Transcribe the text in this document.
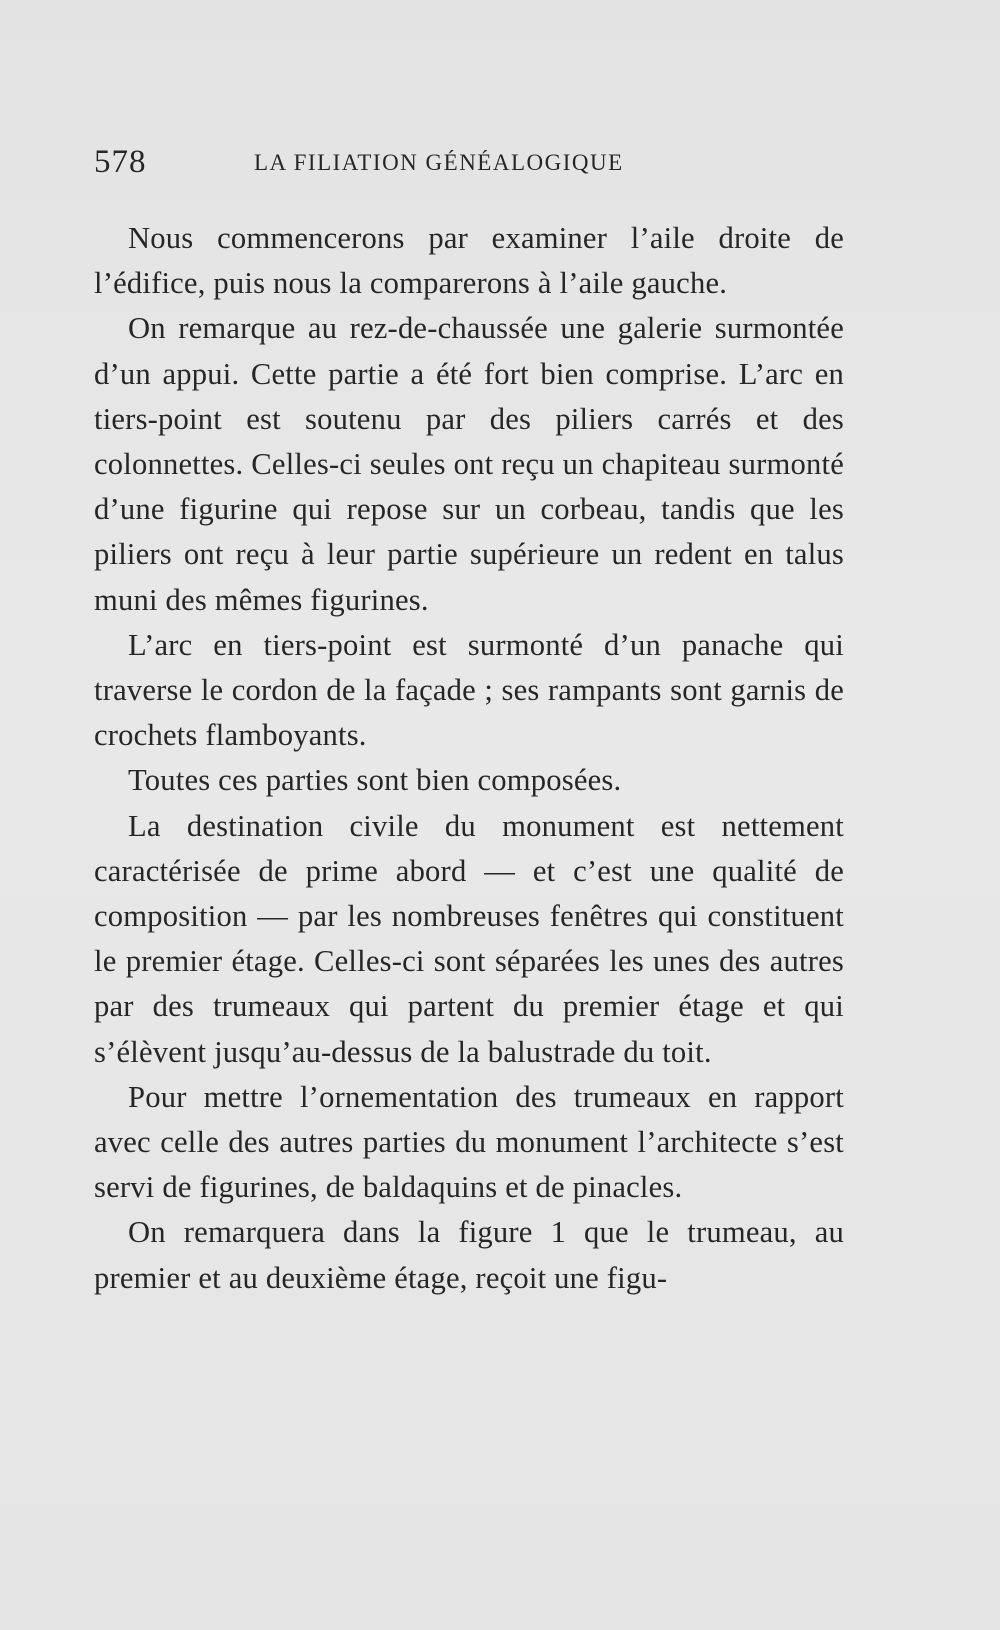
578	LA FILIATION GÉNÉALOGIQUE

Nous commencerons par examiner l’aile droite de l’édifice, puis nous la comparerons à l’aile gauche.

On remarque au rez-de-chaussée une galerie surmontée d’un appui. Cette partie a été fort bien comprise. L’arc en tiers-point est soutenu par des piliers carrés et des colonnettes. Celles-ci seules ont reçu un chapiteau surmonté d’une figurine qui repose sur un corbeau, tandis que les piliers ont reçu à leur partie supérieure un redent en talus muni des mêmes figurines.

L’arc en tiers-point est surmonté d’un panache qui traverse le cordon de la façade ; ses rampants sont garnis de crochets flamboyants.

Toutes ces parties sont bien composées.

La destination civile du monument est nettement caractérisée de prime abord — et c’est une qualité de composition — par les nombreuses fenêtres qui constituent le premier étage. Celles-ci sont séparées les unes des autres par des trumeaux qui partent du premier étage et qui s’élèvent jusqu’au-dessus de la balustrade du toit.

Pour mettre l’ornementation des trumeaux en rapport avec celle des autres parties du monument l’architecte s’est servi de figurines, de baldaquins et de pinacles.

On remarquera dans la figure 1 que le trumeau, au premier et au deuxième étage, reçoit une figu-
